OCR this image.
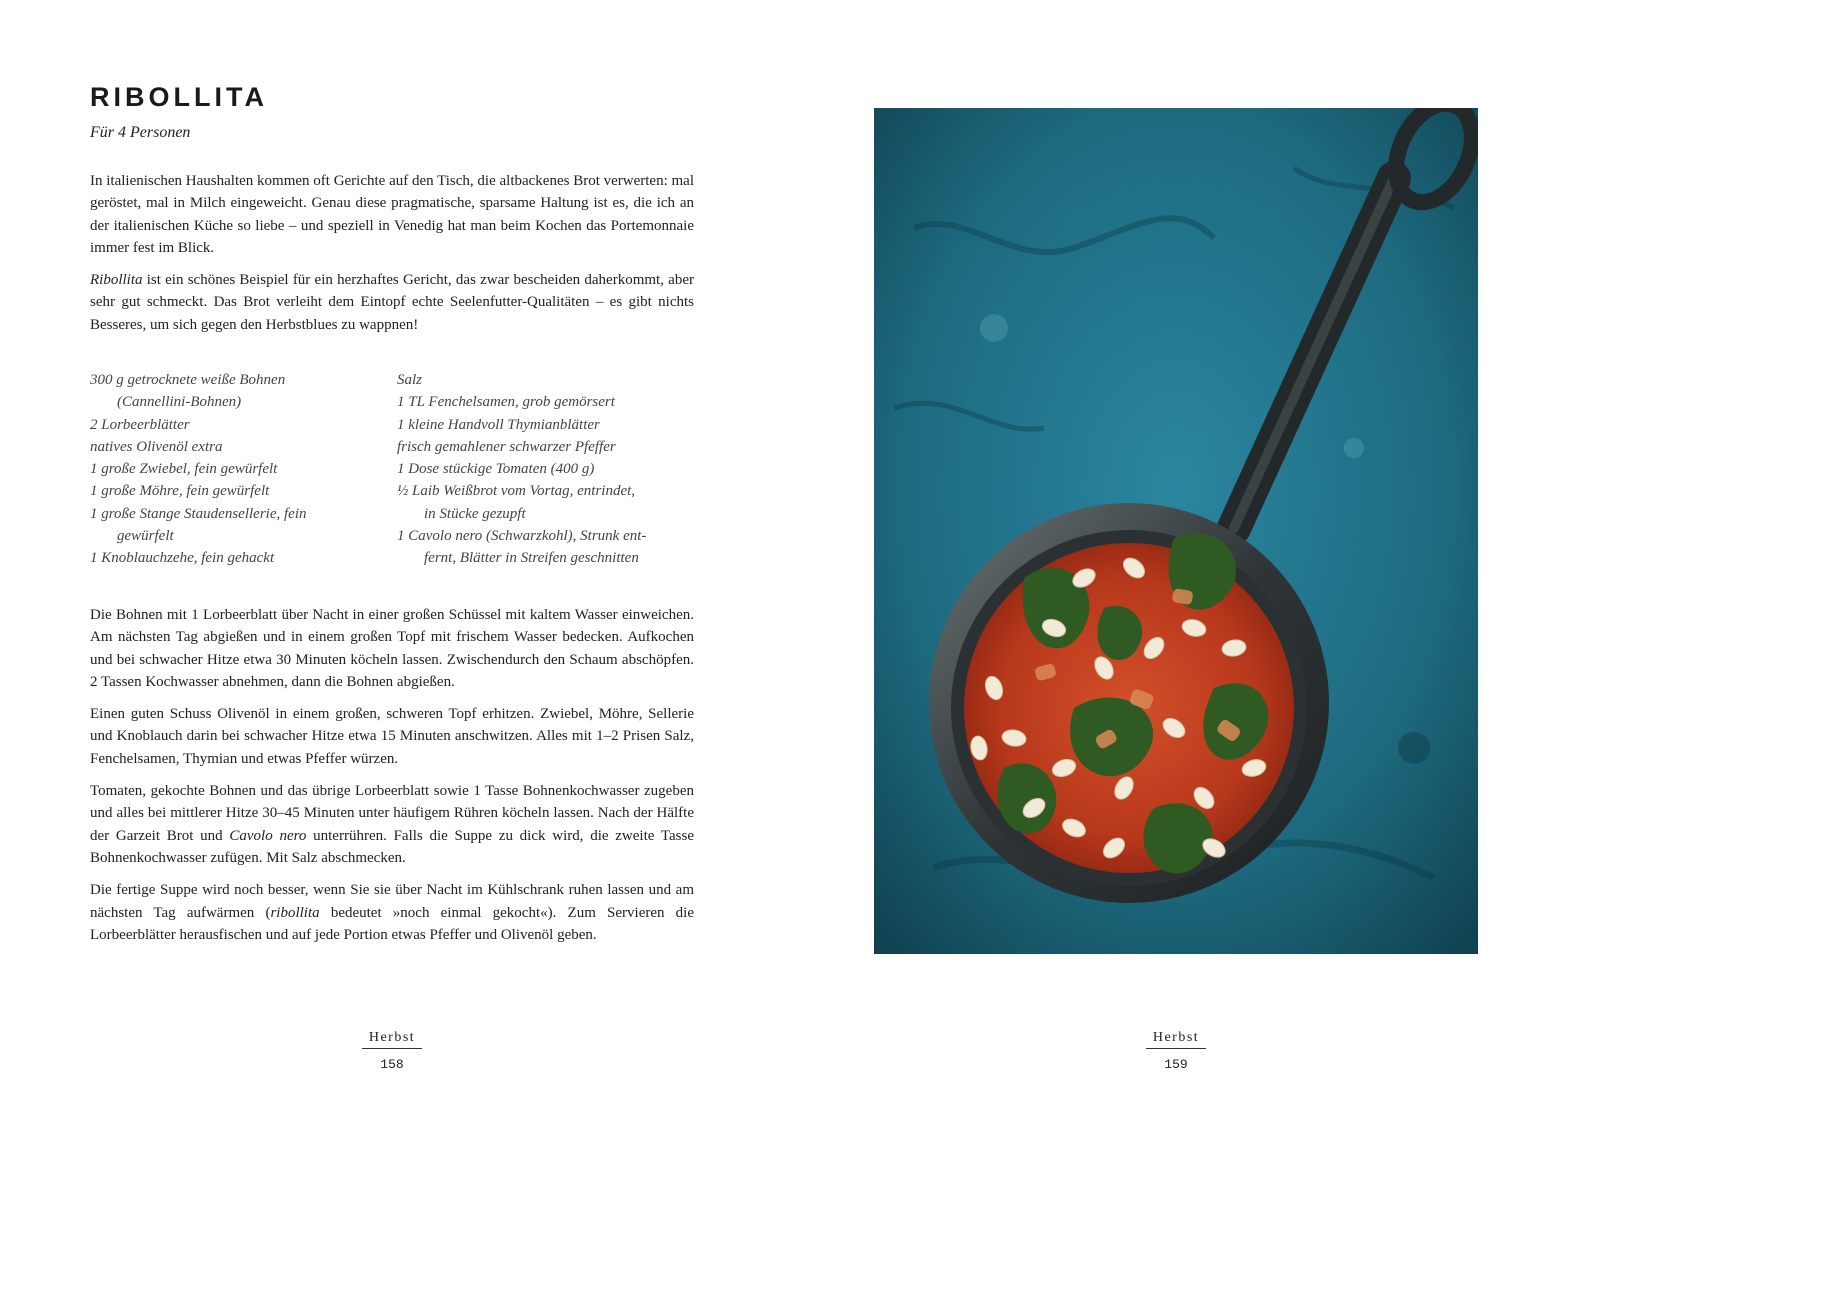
RIBOLLITA
Für 4 Personen

In italienischen Haushalten kommen oft Gerichte auf den Tisch, die altbackenes Brot verwerten: mal geröstet, mal in Milch eingeweicht. Genau diese pragmatische, sparsame Haltung ist es, die ich an der italienischen Küche so liebe – und speziell in Venedig hat man beim Kochen das Portemonnaie immer fest im Blick.

Ribollita ist ein schönes Beispiel für ein herzhaftes Gericht, das zwar bescheiden daherkommt, aber sehr gut schmeckt. Das Brot verleiht dem Eintopf echte Seelenfutter-Qualitäten – es gibt nichts Besseres, um sich gegen den Herbstblues zu wappnen!

300 g getrocknete weiße Bohnen
(Cannellini-Bohnen)
2 Lorbeerblätter
natives Olivenöl extra
1 große Zwiebel, fein gewürfelt
1 große Möhre, fein gewürfelt
1 große Stange Staudensellerie, fein
gewürfelt
1 Knoblauchzehe, fein gehackt
Salz
1 TL Fenchelsamen, grob gemörsert
1 kleine Handvoll Thymianblätter
frisch gemahlener schwarzer Pfeffer
1 Dose stückige Tomaten (400 g)
½ Laib Weißbrot vom Vortag, entrindet,
in Stücke gezupft
1 Cavolo nero (Schwarzkohl), Strunk ent-
fernt, Blätter in Streifen geschnitten

Die Bohnen mit 1 Lorbeerblatt über Nacht in einer großen Schüssel mit kaltem Wasser einweichen. Am nächsten Tag abgießen und in einem großen Topf mit frischem Wasser bedecken. Aufkochen und bei schwacher Hitze etwa 30 Minuten köcheln lassen. Zwischendurch den Schaum abschöpfen. 2 Tassen Kochwasser abnehmen, dann die Bohnen abgießen.

Einen guten Schuss Olivenöl in einem großen, schweren Topf erhitzen. Zwiebel, Möhre, Sellerie und Knoblauch darin bei schwacher Hitze etwa 15 Minuten anschwitzen. Alles mit 1–2 Prisen Salz, Fenchelsamen, Thymian und etwas Pfeffer würzen.

Tomaten, gekochte Bohnen und das übrige Lorbeerblatt sowie 1 Tasse Bohnenkochwasser zugeben und alles bei mittlerer Hitze 30–45 Minuten unter häufigem Rühren köcheln lassen. Nach der Hälfte der Garzeit Brot und Cavolo nero unterrühren. Falls die Suppe zu dick wird, die zweite Tasse Bohnenkochwasser zufügen. Mit Salz abschmecken.

Die fertige Suppe wird noch besser, wenn Sie sie über Nacht im Kühlschrank ruhen lassen und am nächsten Tag aufwärmen (ribollita bedeutet »noch einmal gekocht«). Zum Servieren die Lorbeerblätter herausfischen und auf jede Portion etwas Pfeffer und Olivenöl geben.

Herbst
158
Herbst
159
